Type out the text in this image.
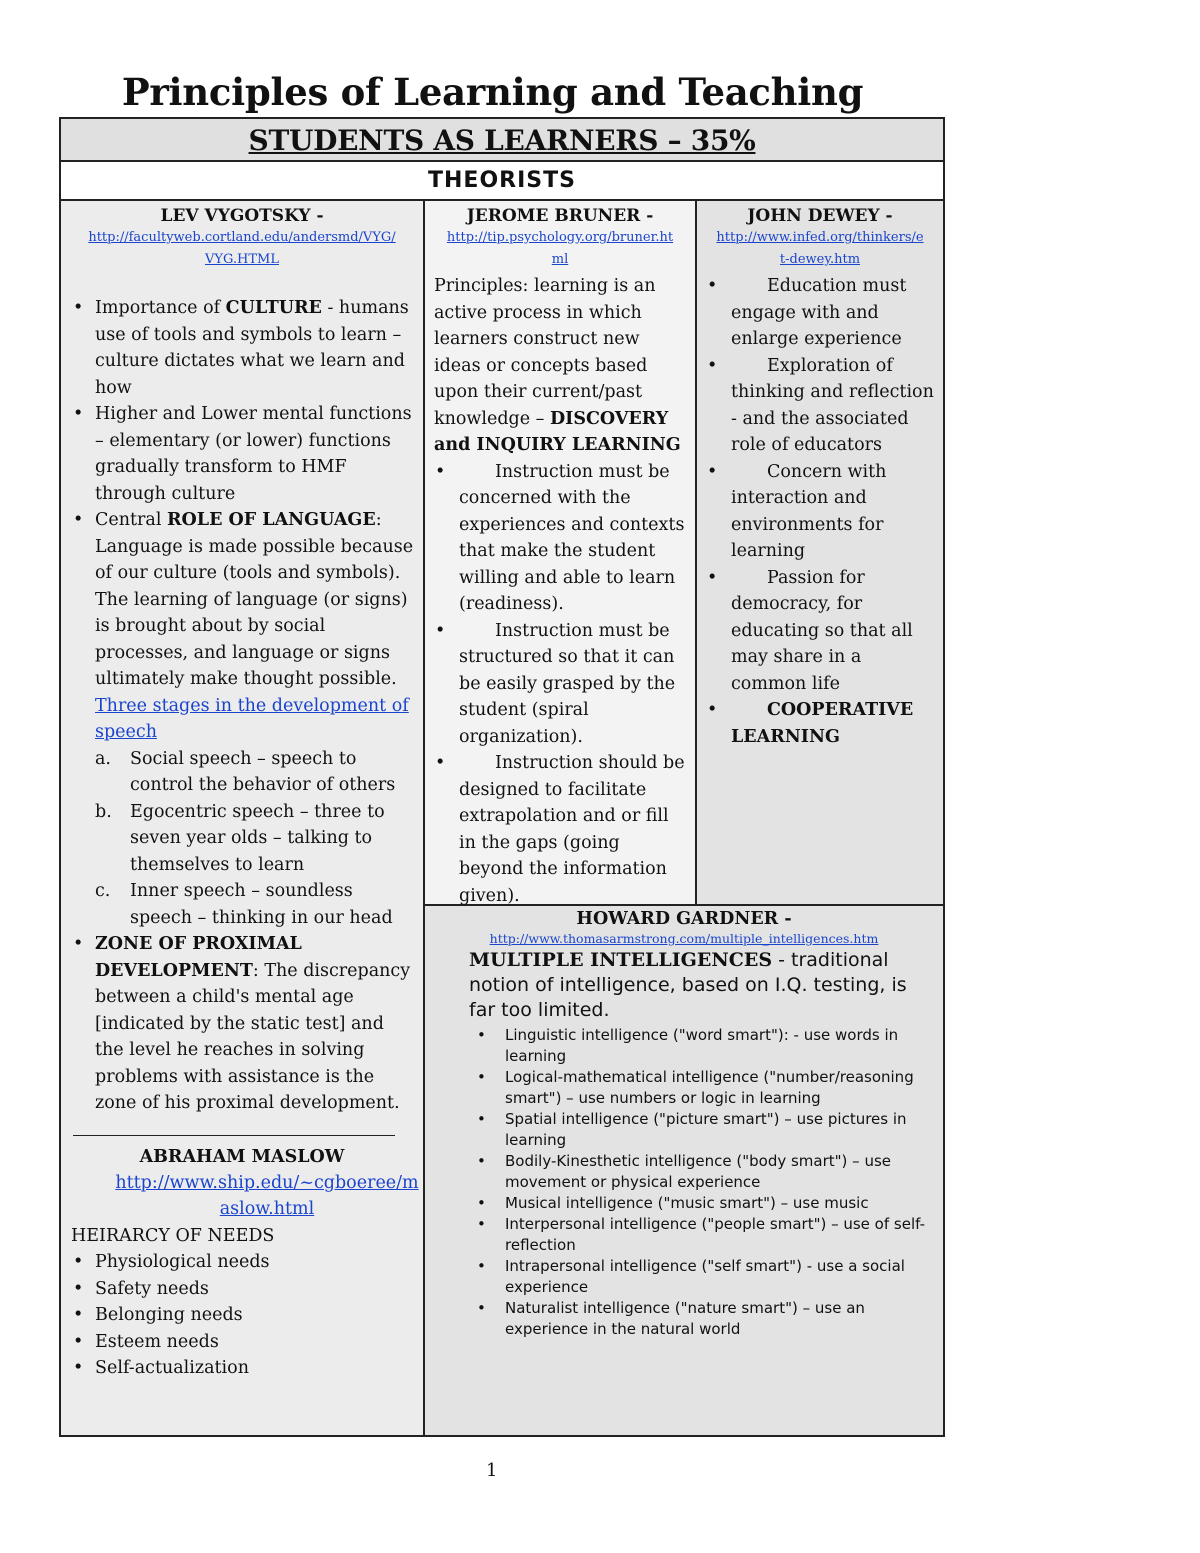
Principles of Learning and Teaching
STUDENTS AS LEARNERS – 35%
THEORISTS
LEV VYGOTSKY -
http://facultyweb.cortland.edu/andersmd/VYG/
VYG.HTML
• Importance of CULTURE - humans use of tools and symbols to learn – culture dictates what we learn and how
• Higher and Lower mental functions – elementary (or lower) functions gradually transform to HMF through culture
• Central ROLE OF LANGUAGE: Language is made possible because of our culture (tools and symbols). The learning of language (or signs) is brought about by social processes, and language or signs ultimately make thought possible. Three stages in the development of speech
a. Social speech – speech to control the behavior of others
b. Egocentric speech – three to seven year olds – talking to themselves to learn
c. Inner speech – soundless speech – thinking in our head
• ZONE OF PROXIMAL DEVELOPMENT: The discrepancy between a child's mental age [indicated by the static test] and the level he reaches in solving problems with assistance is the zone of his proximal development.
ABRAHAM MASLOW
http://www.ship.edu/~cgboeree/m
aslow.html
HEIRARCY OF NEEDS
• Physiological needs
• Safety needs
• Belonging needs
• Esteem needs
• Self-actualization
JEROME BRUNER -
http://tip.psychology.org/bruner.ht
ml
Principles: learning is an active process in which learners construct new ideas or concepts based upon their current/past knowledge – DISCOVERY and INQUIRY LEARNING
• Instruction must be concerned with the experiences and contexts that make the student willing and able to learn (readiness).
• Instruction must be structured so that it can be easily grasped by the student (spiral organization).
• Instruction should be designed to facilitate extrapolation and or fill in the gaps (going beyond the information given).
JOHN DEWEY -
http://www.infed.org/thinkers/e
t-dewey.htm
• Education must engage with and enlarge experience
• Exploration of thinking and reflection - and the associated role of educators
• Concern with interaction and environments for learning
• Passion for democracy, for educating so that all may share in a common life
• COOPERATIVE LEARNING
HOWARD GARDNER -
http://www.thomasarmstrong.com/multiple_intelligences.htm
MULTIPLE INTELLIGENCES - traditional notion of intelligence, based on I.Q. testing, is far too limited.
• Linguistic intelligence ("word smart"): - use words in learning
• Logical-mathematical intelligence ("number/reasoning smart") – use numbers or logic in learning
• Spatial intelligence ("picture smart") – use pictures in learning
• Bodily-Kinesthetic intelligence ("body smart") – use movement or physical experience
• Musical intelligence ("music smart") – use music
• Interpersonal intelligence ("people smart") – use of self-reflection
• Intrapersonal intelligence ("self smart") - use a social experience
• Naturalist intelligence ("nature smart") – use an experience in the natural world
1
